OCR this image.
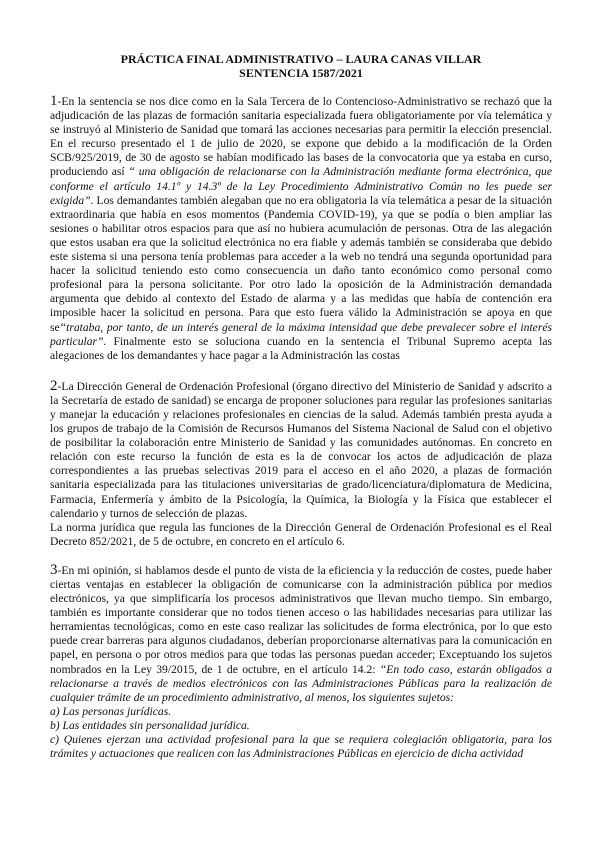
PRÁCTICA FINAL ADMINISTRATIVO – LAURA CANAS VILLAR

SENTENCIA 1587/2021

1-En la sentencia se nos dice como en la Sala Tercera de lo Contencioso-Administrativo se rechazó que la adjudicación de las plazas de formación sanitaria especializada fuera obligatoriamente por vía telemática y se instruyó al Ministerio de Sanidad que tomará las acciones necesarias para permitir la elección presencial. En el recurso presentado el 1 de julio de 2020, se expone que debido a la modificación de la Orden SCB/925/2019, de 30 de agosto se habían modificado las bases de la convocatoria que ya estaba en curso, produciendo así “ una obligación de relacionarse con la Administración mediante forma electrónica, que conforme el artículo 14.1º y 14.3º de la Ley Procedimiento Administrativo Común no les puede ser exigida”. Los demandantes también alegaban que no era obligatoria la vía telemática a pesar de la situación extraordinaria que había en esos momentos (Pandemia COVID-19), ya que se podía o bien ampliar las sesiones o habilitar otros espacios para que así no hubiera acumulación de personas. Otra de las alegación que estos usaban era que la solicitud electrónica no era fiable y además también se consideraba que debido este sistema si una persona tenía problemas para acceder a la web no tendrá una segunda oportunidad para hacer la solicitud teniendo esto como consecuencia un daño tanto económico como personal como profesional para la persona solicitante. Por otro lado la oposición de la Administración demandada argumenta que debido al contexto del Estado de alarma y a las medidas que había de contención era imposible hacer la solicitud en persona. Para que esto fuera válido la Administración se apoya en que se“trataba, por tanto, de un interés general de la máxima intensidad que debe prevalecer sobre el interés particular”. Finalmente esto se soluciona cuando en la sentencia el Tribunal Supremo acepta las alegaciones de los demandantes y hace pagar a la Administración las costas

2-La Dirección General de Ordenación Profesional (órgano directivo del Ministerio de Sanidad y adscrito a la Secretaría de estado de sanidad) se encarga de proponer soluciones para regular las profesiones sanitarias y manejar la educación y relaciones profesionales en ciencias de la salud. Además también presta ayuda a los grupos de trabajo de la Comisión de Recursos Humanos del Sistema Nacional de Salud con el objetivo de posibilitar la colaboración entre Ministerio de Sanidad y las comunidades autónomas. En concreto en relación con este recurso la función de esta es la de convocar los actos de adjudicación de plaza correspondientes a las pruebas selectivas 2019 para el acceso en el año 2020, a plazas de formación sanitaria especializada para las titulaciones universitarias de grado/licenciatura/diplomatura de Medicina, Farmacia, Enfermería y ámbito de la Psicología, la Química, la Biología y la Física que establecer el calendario y turnos de selección de plazas.

La norma jurídica que regula las funciones de la Dirección General de Ordenación Profesional es el Real Decreto 852/2021, de 5 de octubre, en concreto en el artículo 6.

3-En mi opinión, si hablamos desde el punto de vista de la eficiencia y la reducción de costes, puede haber ciertas ventajas en establecer la obligación de comunicarse con la administración pública por medios electrónicos, ya que simplificaría los procesos administrativos que llevan mucho tiempo. Sin embargo, también es importante considerar que no todos tienen acceso o las habilidades necesarias para utilizar las herramientas tecnológicas, como en este caso realizar las solicitudes de forma electrónica, por lo que esto puede crear barreras para algunos ciudadanos, deberían proporcionarse alternativas para la comunicación en papel, en persona o por otros medios para que todas las personas puedan acceder; Exceptuando los sujetos nombrados en la Ley 39/2015, de 1 de octubre, en el artículo 14.2: “En todo caso, estarán obligados a relacionarse a través de medios electrónicos con las Administraciones Públicas para la realización de cualquier trámite de un procedimiento administrativo, al menos, los siguientes sujetos:

a) Las personas jurídicas.

b) Las entidades sin personalidad jurídica.

c) Quienes ejerzan una actividad profesional para la que se requiera colegiación obligatoria, para los trámites y actuaciones que realicen con las Administraciones Públicas en ejercicio de dicha actividad
